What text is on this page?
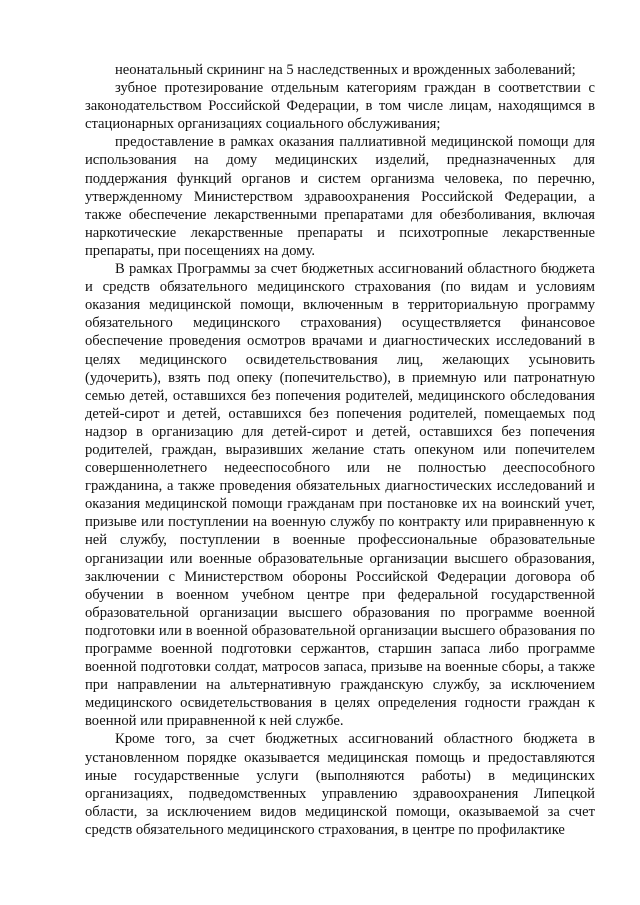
неонатальный скрининг на 5 наследственных и врожденных заболеваний;

зубное протезирование отдельным категориям граждан в соответствии с законодательством Российской Федерации, в том числе лицам, находящимся в стационарных организациях социального обслуживания;

предоставление в рамках оказания паллиативной медицинской помощи для использования на дому медицинских изделий, предназначенных для поддержания функций органов и систем организма человека, по перечню, утвержденному Министерством здравоохранения Российской Федерации, а также обеспечение лекарственными препаратами для обезболивания, включая наркотические лекарственные препараты и психотропные лекарственные препараты, при посещениях на дому.

В рамках Программы за счет бюджетных ассигнований областного бюджета и средств обязательного медицинского страхования (по видам и условиям оказания медицинской помощи, включенным в территориальную программу обязательного медицинского страхования) осуществляется финансовое обеспечение проведения осмотров врачами и диагностических исследований в целях медицинского освидетельствования лиц, желающих усыновить (удочерить), взять под опеку (попечительство), в приемную или патронатную семью детей, оставшихся без попечения родителей, медицинского обследования детей-сирот и детей, оставшихся без попечения родителей, помещаемых под надзор в организацию для детей-сирот и детей, оставшихся без попечения родителей, граждан, выразивших желание стать опекуном или попечителем совершеннолетнего недееспособного или не полностью дееспособного гражданина, а также проведения обязательных диагностических исследований и оказания медицинской помощи гражданам при постановке их на воинский учет, призыве или поступлении на военную службу по контракту или приравненную к ней службу, поступлении в военные профессиональные образовательные организации или военные образовательные организации высшего образования, заключении с Министерством обороны Российской Федерации договора об обучении в военном учебном центре при федеральной государственной образовательной организации высшего образования по программе военной подготовки или в военной образовательной организации высшего образования по программе военной подготовки сержантов, старшин запаса либо программе военной подготовки солдат, матросов запаса, призыве на военные сборы, а также при направлении на альтернативную гражданскую службу, за исключением медицинского освидетельствования в целях определения годности граждан к военной или приравненной к ней службе.

Кроме того, за счет бюджетных ассигнований областного бюджета в установленном порядке оказывается медицинская помощь и предоставляются иные государственные услуги (выполняются работы) в медицинских организациях, подведомственных управлению здравоохранения Липецкой области, за исключением видов медицинской помощи, оказываемой за счет средств обязательного медицинского страхования, в центре по профилактике
